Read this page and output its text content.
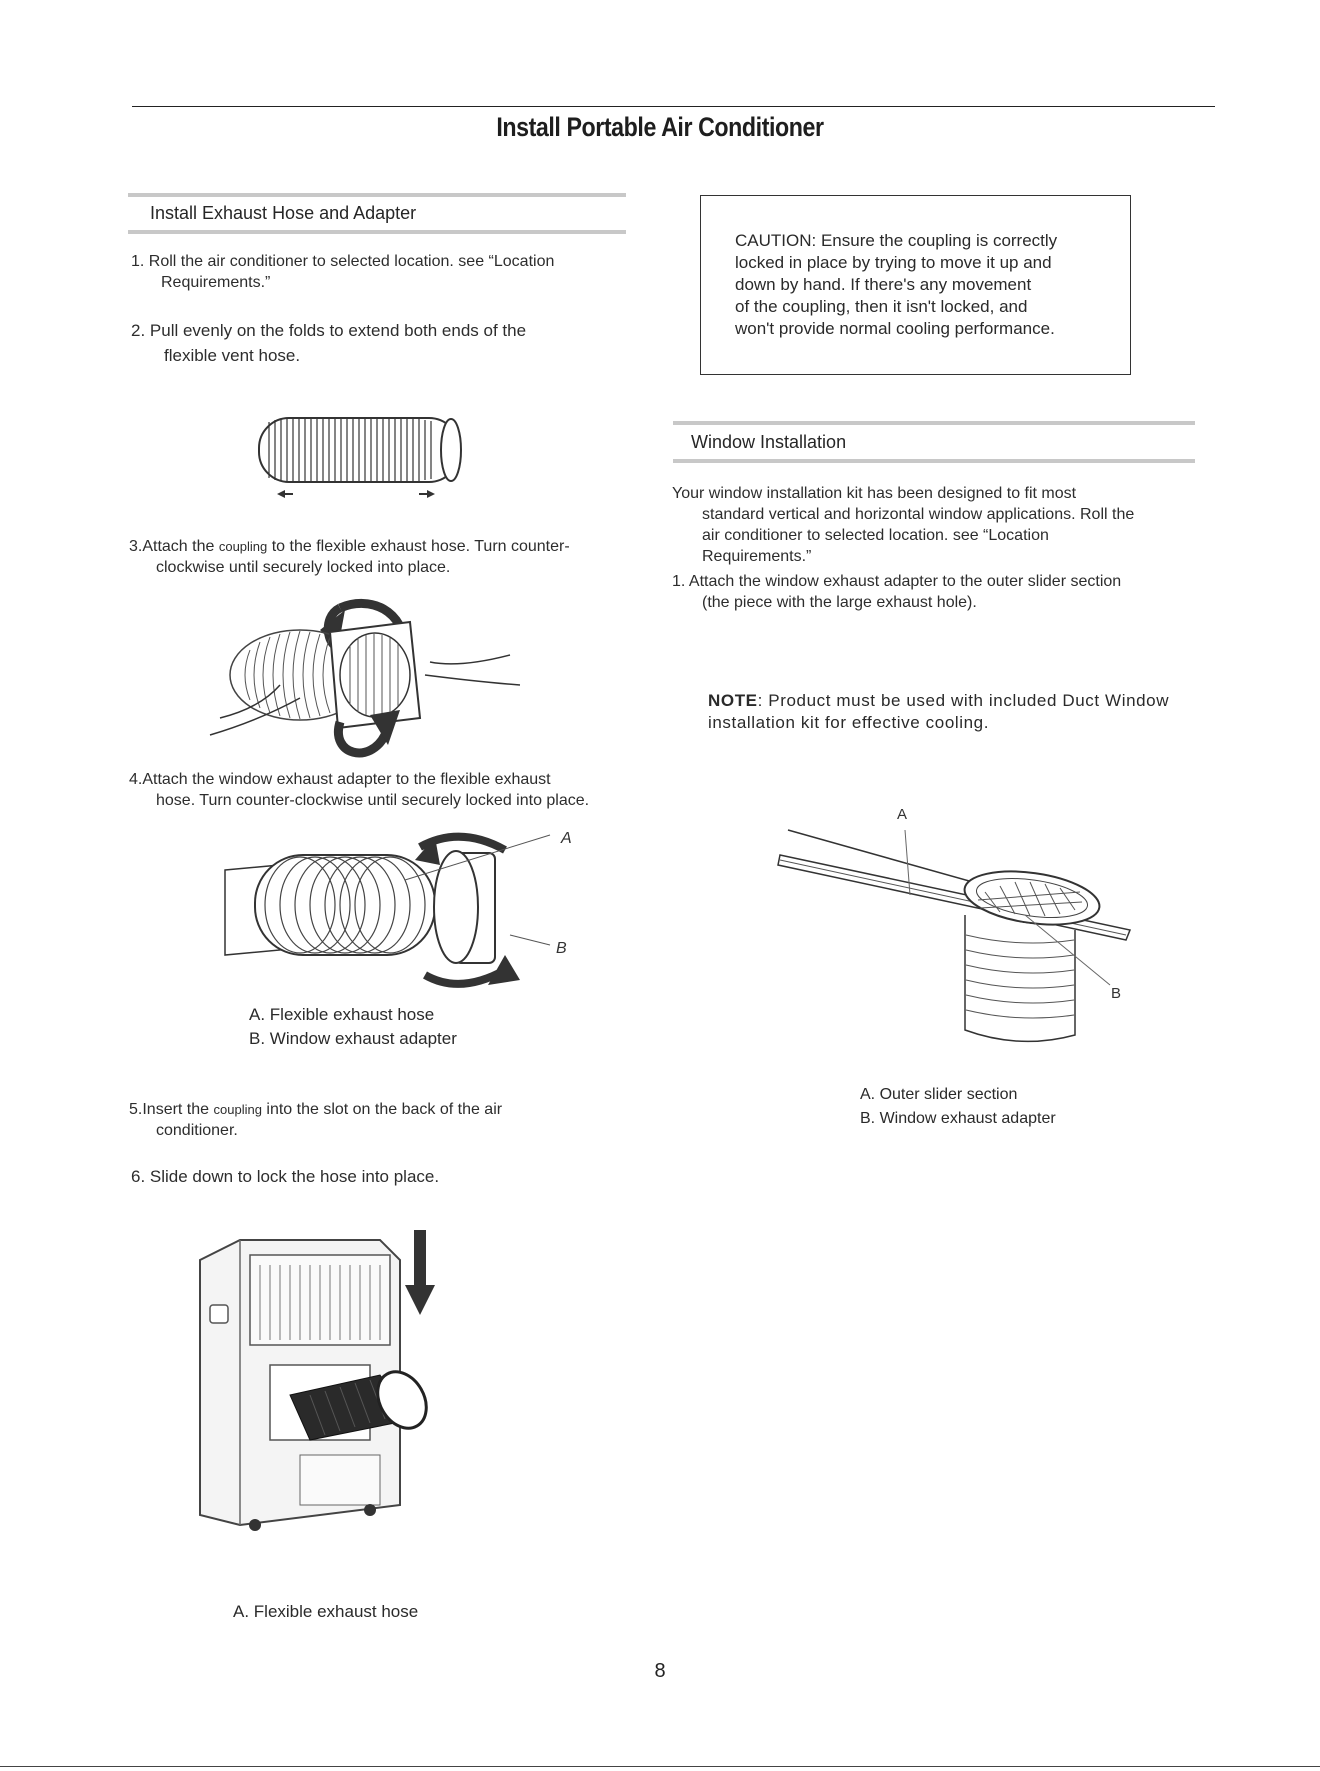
Install Portable Air Conditioner
Install Exhaust Hose and Adapter
1. Roll the air conditioner to selected location. see “Location
Requirements.”
2. Pull evenly on the folds to extend both ends of the
flexible vent hose.
3.Attach the coupling to the flexible exhaust hose. Turn counter-
clockwise until securely locked into place.
4.Attach the window exhaust adapter to the flexible exhaust
hose. Turn counter-clockwise until securely locked into place.
A
B
A. Flexible exhaust hose
B. Window exhaust adapter
5.Insert the coupling into the slot on the back of the air
conditioner.
6. Slide down to lock the hose into place.
A. Flexible exhaust hose
CAUTION: Ensure the coupling is correctly
locked in place by trying to move it up and
down by hand. If there's any movement
of the coupling, then it isn't locked, and
won't provide normal cooling performance.
Window Installation
Your window installation kit has been designed to fit most
standard vertical and horizontal window applications. Roll the
air conditioner to selected location. see “Location
Requirements.”
1. Attach the window exhaust adapter to the outer slider section
(the piece with the large exhaust hole).
NOTE: Product must be used with included Duct Window
installation kit for effective cooling.
A
B
A. Outer slider section
B. Window exhaust adapter
8
